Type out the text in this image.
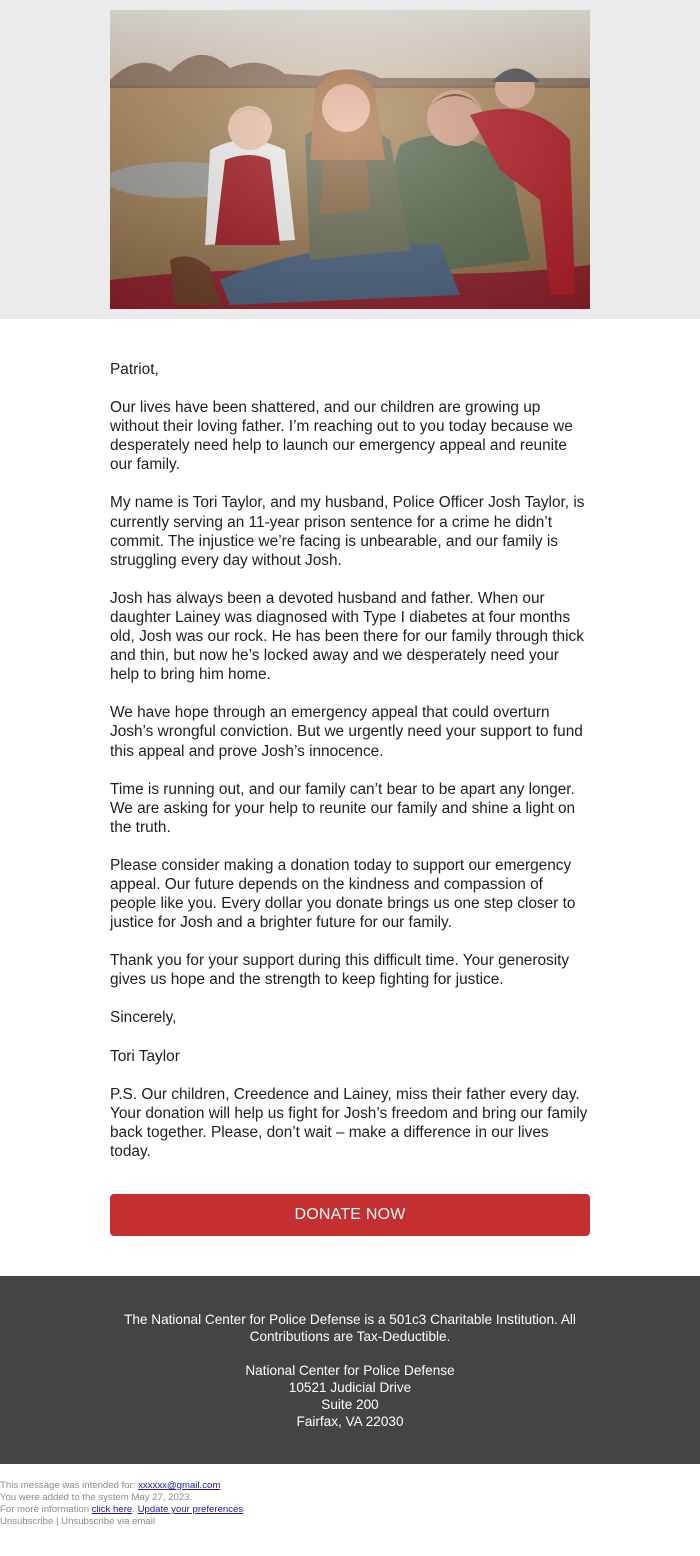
Patriot,

Our lives have been shattered, and our children are growing up without their loving father. I’m reaching out to you today because we desperately need help to launch our emergency appeal and reunite our family.

My name is Tori Taylor, and my husband, Police Officer Josh Taylor, is currently serving an 11-year prison sentence for a crime he didn’t commit. The injustice we’re facing is unbearable, and our family is struggling every day without Josh.

Josh has always been a devoted husband and father. When our daughter Lainey was diagnosed with Type I diabetes at four months old, Josh was our rock. He has been there for our family through thick and thin, but now he’s locked away and we desperately need your help to bring him home.

We have hope through an emergency appeal that could overturn Josh’s wrongful conviction. But we urgently need your support to fund this appeal and prove Josh’s innocence.

Time is running out, and our family can’t bear to be apart any longer. We are asking for your help to reunite our family and shine a light on the truth.

Please consider making a donation today to support our emergency appeal. Our future depends on the kindness and compassion of people like you. Every dollar you donate brings us one step closer to justice for Josh and a brighter future for our family.

Thank you for your support during this difficult time. Your generosity gives us hope and the strength to keep fighting for justice.

Sincerely,

Tori Taylor

P.S. Our children, Creedence and Lainey, miss their father every day. Your donation will help us fight for Josh’s freedom and bring our family back together. Please, don’t wait – make a difference in our lives today.

DONATE NOW
The National Center for Police Defense is a 501c3 Charitable Institution. All Contributions are Tax-Deductible.
National Center for Police Defense
10521 Judicial Drive
Suite 200
Fairfax, VA 22030
This message was intended for: xxxxxx@gmail.com
You were added to the system May 27, 2023.
For more information click here. Update your preferences
Unsubscribe | Unsubscribe via email
